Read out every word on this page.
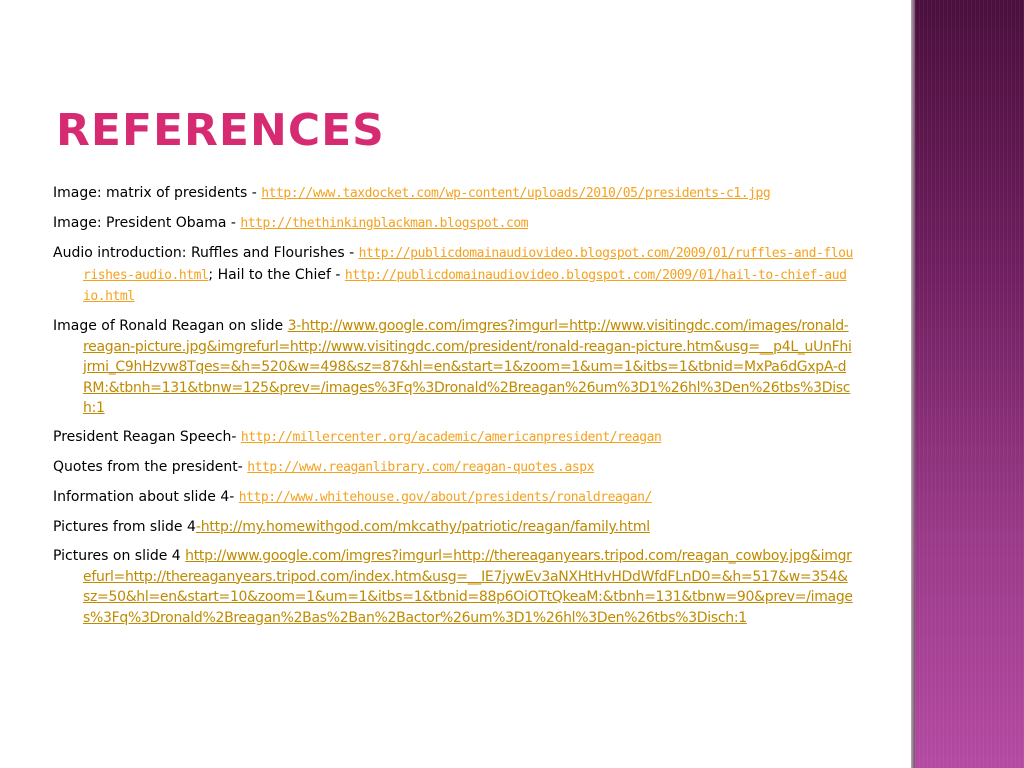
REFERENCES

Image: matrix of presidents - http://www.taxdocket.com/wp-content/uploads/2010/05/presidents-c1.jpg

Image: President Obama - http://thethinkingblackman.blogspot.com

Audio introduction: Ruffles and Flourishes - http://publicdomainaudiovideo.blogspot.com/2009/01/ruffles-and-flourishes-audio.html; Hail to the Chief - http://publicdomainaudiovideo.blogspot.com/2009/01/hail-to-chief-audio.html

Image of Ronald Reagan on slide 3-http://www.google.com/imgres?imgurl=http://www.visitingdc.com/images/ronald-reagan-picture.jpg&imgrefurl=http://www.visitingdc.com/president/ronald-reagan-picture.htm&usg=__p4L_uUnFhijrmi_C9hHzvw8Tqes=&h=520&w=498&sz=87&hl=en&start=1&zoom=1&um=1&itbs=1&tbnid=MxPa6dGxpA-dRM:&tbnh=131&tbnw=125&prev=/images%3Fq%3Dronald%2Breagan%26um%3D1%26hl%3Den%26tbs%3Disch:1

President Reagan Speech- http://millercenter.org/academic/americanpresident/reagan

Quotes from the president- http://www.reaganlibrary.com/reagan-quotes.aspx

Information about slide 4- http://www.whitehouse.gov/about/presidents/ronaldreagan/

Pictures from slide 4-http://my.homewithgod.com/mkcathy/patriotic/reagan/family.html

Pictures on slide 4 http://www.google.com/imgres?imgurl=http://thereaganyears.tripod.com/reagan_cowboy.jpg&imgrefurl=http://thereaganyears.tripod.com/index.htm&usg=__IE7jywEv3aNXHtHvHDdWfdFLnD0=&h=517&w=354&sz=50&hl=en&start=10&zoom=1&um=1&itbs=1&tbnid=88p6OiOTtQkeaM:&tbnh=131&tbnw=90&prev=/images%3Fq%3Dronald%2Breagan%2Bas%2Ban%2Bactor%26um%3D1%26hl%3Den%26tbs%3Disch:1
